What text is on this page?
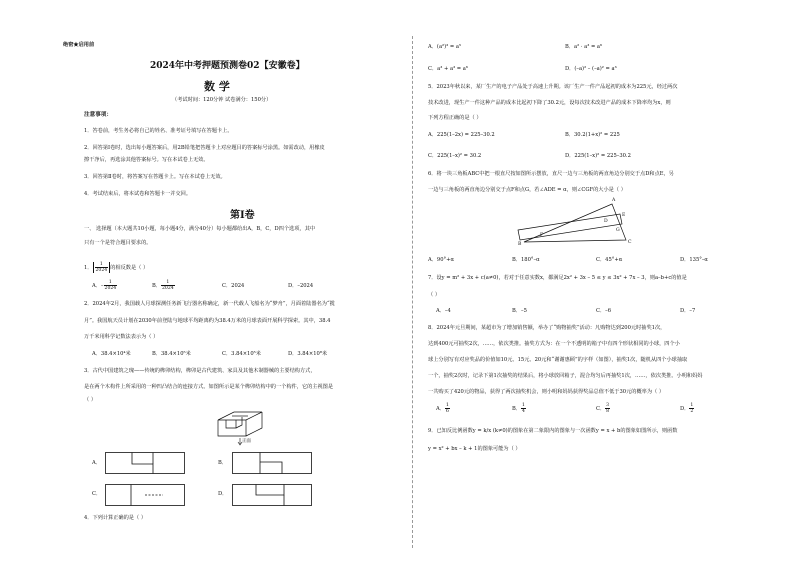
绝密★启用前
2024年中考押题预测卷02【安徽卷】
数 学
（考试时间：120分钟 试卷满分：150分）
注意事项：
1．答卷前，考生务必将自己的姓名、准考证号填写在答题卡上。
2．回答第Ⅰ卷时，选出每小题答案后，用2B铅笔把答题卡上对应题目的答案标号涂黑。如需改动，用橡皮
擦干净后，再选涂其他答案标号。写在本试卷上无效。
3．回答第Ⅱ卷时，将答案写在答题卡上。写在本试卷上无效。
4．考试结束后，将本试卷和答题卡一并交回。
第Ⅰ卷
一、 选择题（本大题共10小题，每小题4分，满分40分）每小题都给出A，B，C，D四个选项，其中
只有一个是符合题目要求的。
1． $\frac{1}{2024}$ 的相反数是（ ）
A．– $\frac{1}{2024}$	B． $\frac{1}{2024}$	C．2024	D．–2024
2．2024年2月，我国载人月球探测任务新飞行器名称确定，新一代载人飞船名为“梦舟”，月面着陆器名为“揽
月”。我国航天员计划在2030年前登陆与地球平均距离约为38.4万米的月球表面开展科学探索。其中，38.4
万千米用科学记数法表示为（ ）
A．38.4×10⁴米	B．38.4×10⁵米	C．3.84×10⁵米	D．3.84×10⁸米
3．古代中国建筑之瑰——传统的榫卯结构，榫卯是古代建筑、家具及其他木制器械的主要结构方式，
是在两个木构件上所采用的一种凹凸结合的连接方式。如图所示是某个榫卯结构中的一个构件，它的主视图是
（ ）
正面
A．	B．
C．	D．
4．下列计算正确的是（ ）
A．(a²)³ = a⁵	B．a² · a³ = a⁶
C．a³ + a³ = a⁶	D．(–a)² – (–a)² = a³
5．2023年秋以来，某厂生产的电子产品处于高速上升期。该厂生产一件产品起初的成本为225元，经过两次
技术改进，现生产一件这种产品的成本比起初下降了30.2元，设每次技术改进产品的成本下降率均为x，则
下列方程正确的是（ ）
A．225(1–2x) = 225–30.2	B．30.2(1+x)² = 225
C．225(1–x)² = 30.2	D．225(1–x)² = 225–30.2
6．将一块三角板ABC中把一根直尺按如图所示摆放，直尺一边与三角板的两直角边分别交于点D和点E，另
一边与三角板的两直角边分别交于点F和点G，若∠ADE = α，则∠CGF的大小是（ ）
A
B	C
D
E
F
G
A．90°+α	B．180°–α	C．45°+α	D．135°–α
7．设y = m² + 3x + c(a≠0)，若对于任意实数x，都满足2x² + 3x – 5 ≤ y ≤ 3x² + 7x – 3，则a–b+c的值是
（ ）
A．–4	B．–5	C．–6	D．–7
8．2024年元旦期间，某超市为了增加销售额，举办了“购物抽奖”活动：凡购物达到200元时抽奖1次，
达到400元可抽奖2次，……，依次类推。抽奖方式为：在一个不透明的箱子中有四个形状相同的小球，四个小
球上分别写有对应奖品的价值如10元、15元、20元和“谢谢惠顾”的字样（如图），抽奖1次，随机从四个小球抽取
一个，抽奖2次时，记录下第1次抽奖的结果后，将小球放回箱子，混合均匀后再抽奖1次，……，依次类推。小明和妈妈
一共购买了420元的物品，获得了两次抽奖机会，则小明和妈妈获得奖品总值不低于30元的概率为（ ）
A． $\frac{1}{6}$	B． $\frac{1}{4}$	C． $\frac{3}{8}$	D． $\frac{1}{2}$
9．已知反比例函数y = k/x (k≠0)的图象在第二象限内的图象与一次函数y = x + b的图象如图所示，则函数
y = x² + bx – k + 1的图象可能为（ ）
